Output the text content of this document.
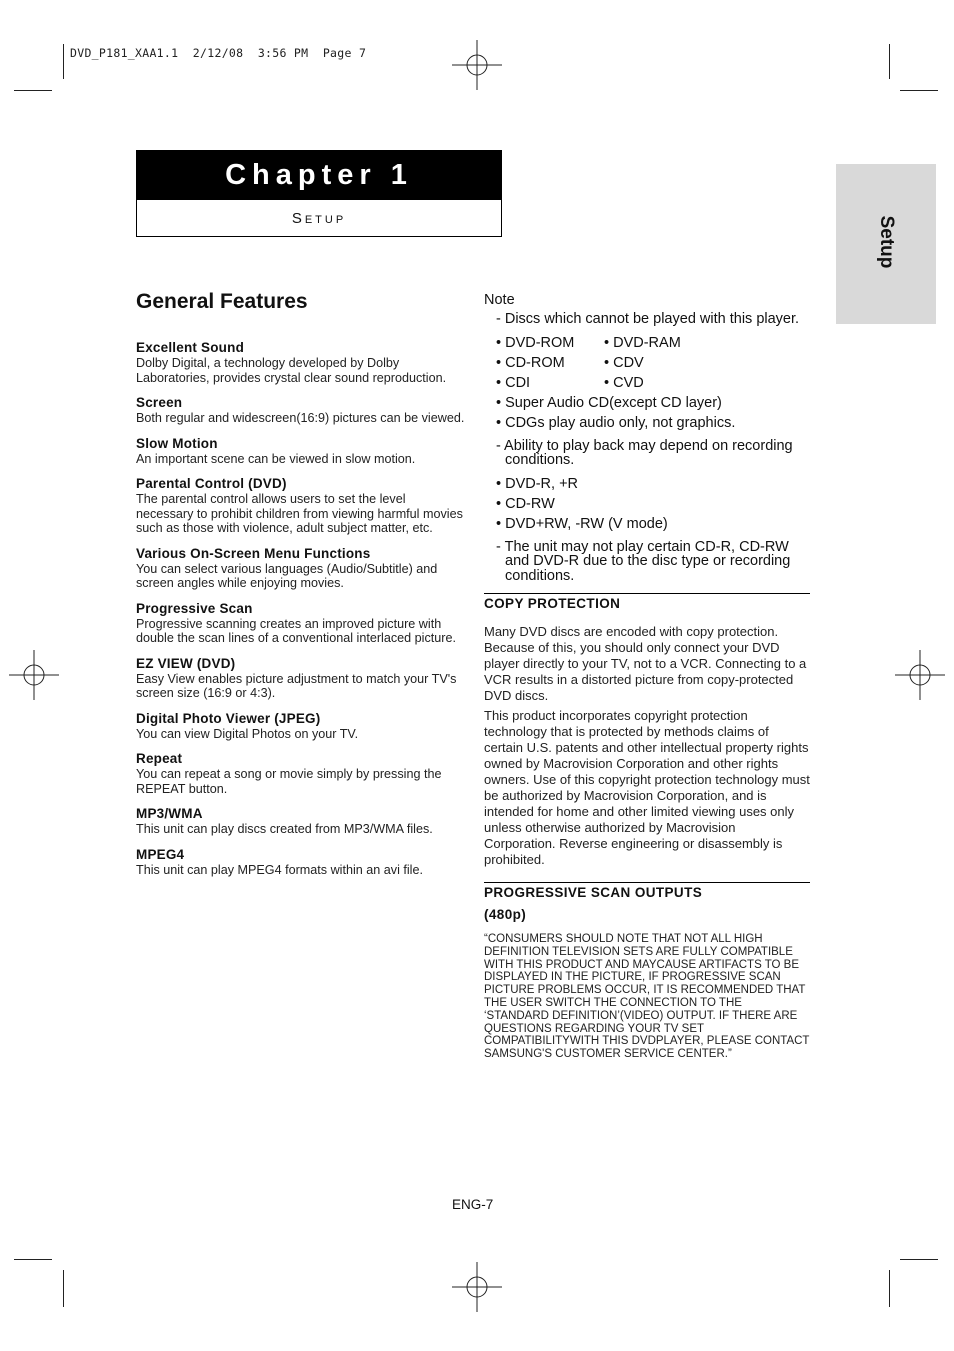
DVD_P181_XAA1.1  2/12/08  3:56 PM  Page 7
Chapter 1
Setup	Setup
General Features
Excellent Sound

Dolby Digital, a technology developed by Dolby Laboratories, provides crystal clear sound reproduction.

Screen

Both regular and widescreen(16:9) pictures can be viewed.

Slow Motion

An important scene can be viewed in slow motion.

Parental Control (DVD)

The parental control allows users to set the level necessary to prohibit children from viewing harmful movies such as those with violence, adult subject matter, etc.

Various On-Screen Menu Functions

You can select various languages (Audio/Subtitle) and screen angles while enjoying movies.

Progressive Scan

Progressive scanning creates an improved picture with double the scan lines of a conventional interlaced picture.

EZ VIEW (DVD)

Easy View enables picture adjustment to match your TV's screen size (16:9 or 4:3).

Digital Photo Viewer (JPEG)

You can view Digital Photos on your TV.

Repeat

You can repeat a song or movie simply by pressing the REPEAT button.

MP3/WMA

This unit can play discs created from MP3/WMA files.

MPEG4

This unit can play MPEG4 formats within an avi file.

Note
- Discs which cannot be played with this player.
• DVD-ROM	• DVD-RAM
• CD-ROM	• CDV
• CDI	• CVD
• Super Audio CD(except CD layer)
• CDGs play audio only, not graphics.
- Ability to play back may depend on recording conditions.
• DVD-R, +R
• CD-RW
• DVD+RW, -RW (V mode)
- The unit may not play certain CD-R, CD-RW and DVD-R due to the disc type or recording conditions.
COPY PROTECTION

Many DVD discs are encoded with copy protection. Because of this, you should only connect your DVD player directly to your TV, not to a VCR. Connecting to a VCR results in a distorted picture from copy-protected DVD discs.

This product incorporates copyright protection technology that is protected by methods claims of certain U.S. patents and other intellectual property rights owned by Macrovision Corporation and other rights owners. Use of this copyright protection technology must be authorized by Macrovision Corporation, and is intended for home and other limited viewing uses only unless otherwise authorized by Macrovision Corporation. Reverse engineering or disassembly is prohibited.

PROGRESSIVE SCAN OUTPUTS
(480p)

“CONSUMERS SHOULD NOTE THAT NOT ALL HIGH DEFINITION TELEVISION SETS ARE FULLY COMPATIBLE WITH THIS PRODUCT AND MAYCAUSE ARTIFACTS TO BE DISPLAYED IN THE PICTURE, IF PROGRESSIVE SCAN PICTURE PROBLEMS OCCUR, IT IS RECOMMENDED THAT THE USER SWITCH THE CONNECTION TO THE ‘STANDARD DEFINITION’(VIDEO) OUTPUT. IF THERE ARE QUESTIONS REGARDING YOUR TV SET COMPATIBILITYWITH THIS DVDPLAYER, PLEASE CONTACT SAMSUNG'S CUSTOMER SERVICE CENTER.”

ENG-7
